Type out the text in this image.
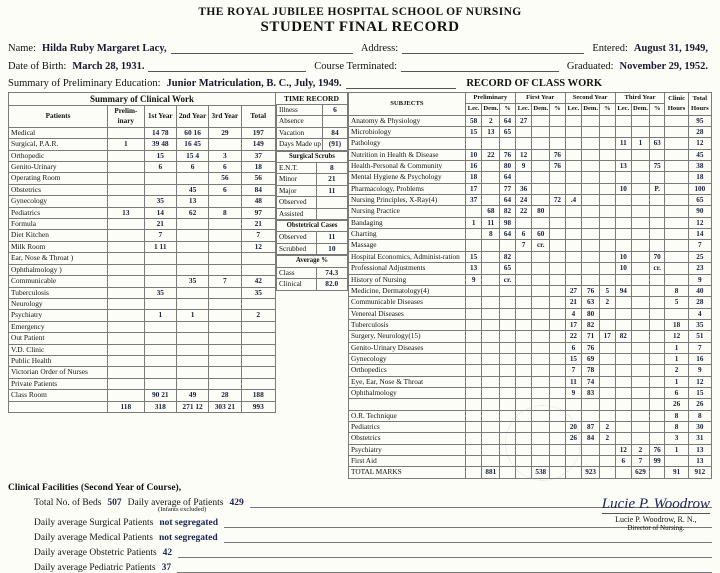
THE ROYAL JUBILEE HOSPITAL SCHOOL OF NURSING
STUDENT FINAL RECORD
Name: Hilda Ruby Margaret Lacy,	Address:	Entered: August 31, 1949,
Date of Birth: March 28, 1931.	Course Terminated:	Graduated: November 29, 1952.
Summary of Preliminary Education: Junior Matriculation, B. C., July, 1949.	RECORD OF CLASS WORK
Summary of Clinical Work
Patients	Prelim-inary	1st Year	2nd Year	3rd Year	Total
Medical		14 78	60 16	29	197
Surgical, P.A.R.	1	39 48	16 45		149
Orthopedic		15	15 4	3	37
Genito-Urinary		6	6	6	18
Operating Room				56	56
Obstetrics			45	6	84
Gynecology		35	13		48
Pediatrics	13	14	62	8	97
Formula		21			21
Diet Kitchen		7			7
Milk Room		1 11			12
Ear, Nose & Throat )					
Ophthalmology )					
Communicable			35	7	42
Tuberculosis		35			35
Neurology					
Psychiatry		1	1		2
Emergency					
Out Patient					
V.D. Clinic					
Public Health					
Victorian Order of Nurses					
Private Patients					
Class Room		90 21	49	28	188
	118	318	271 12	303 21	993
TIME RECORD
Illness	6
Absence	
Vacation	84
Days Made up	(91)
Surgical Scrubs	
E.N.T.	8
Minor	21
Major	11
Observed	
Assisted	
Obstetrical Cases	
Observed	11
Scrubbed	10
Average %	
Class	74.3
Clinical	82.0
SUBJECTS	Preliminary			First Year			Second Year			Third Year			Clinic Hours	Total Hours
	Lec.	Dem.	%	Lec.	Dem.	%	Lec.	Dem.	%	Lec.	Dem.	%		
Anatomy & Physiology	58	2	64	27										95
Microbiology	15	13	65											28
Pathology										11	1	63		12
Nutrition in Health & Disease	10	22	76	12		76								45
Health-Personal & Community	16		80	9		76				13		75		38
Mental Hygiene & Psychology	18		64											18
Pharmacology, Problems	17		77	36						10		P.		100
Nursing Principles, X-Ray(4)	37		64	24		72	.4							65
Nursing Practice		68	82	22	80									90
Bandaging	1	11	98											12
Charting		8	64	6	60									14
Massage				7	cr.									7
Hospital Economics, Administ-ration	15		82							10		70		25
Professional Adjustments	13		65							10		cr.		23
History of Nursing	9		cr.											9
Medicine, Dermatology(4)							27	76	5	94			8	40
Communicable Diseases							21	63	2				5	28
Venereal Diseases							4	80						4
Tuberculosis							17	82					18	35
Surgery, Neurology(15)							22	71	17	82			12	51
Genito-Urinary Diseases							6	76					1	7
Gynecology							15	69					1	16
Orthopedics							7	78					2	9
Eye, Ear, Nose & Throat							11	74					1	12
Ophthalmology							9	83					6	15
													26	26
O.R. Technique													8	8
Pediatrics							20	87	2				8	30
Obstetrics							26	84	2				3	31
Psychiatry										12	2	76	1	13
First Aid										6	7	99		13
TOTAL MARKS		881			538			923			629		91	912
Clinical Facilities (Second Year of Course),
Total No. of Beds 507 Daily average of Patients 429
(Infants excluded)
Daily average Surgical Patients not segregated
Daily average Medical Patients not segregated
Daily average Obstetric Patients 42
Daily average Pediatric Patients 37
Lucie P. Woodrow
Lucie P. Woodrow, R. N.,
Director of Nursing.
